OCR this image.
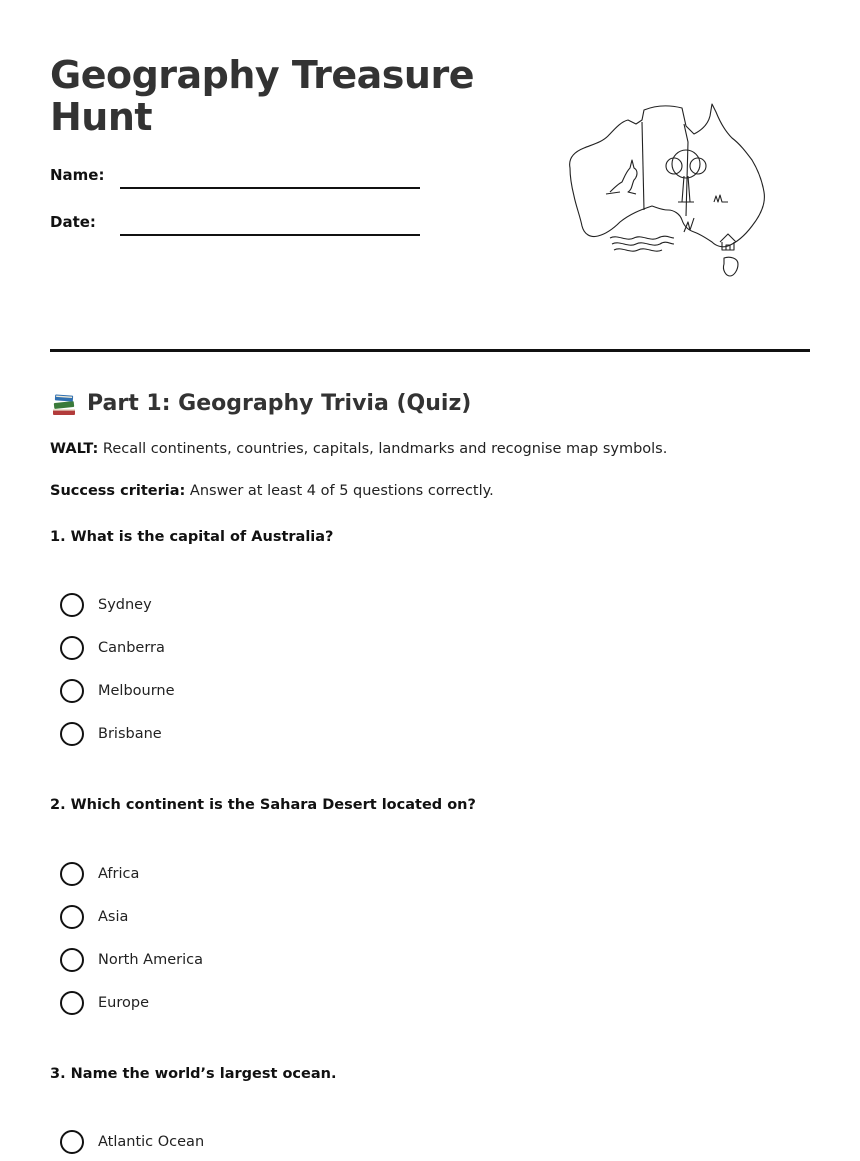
Geography Treasure
Hunt
Name:
Date:
Part 1: Geography Trivia (Quiz)

WALT: Recall continents, countries, capitals, landmarks and recognise map symbols.

Success criteria: Answer at least 4 of 5 questions correctly.

1. What is the capital of Australia?

Sydney
Canberra
Melbourne
Brisbane

2. Which continent is the Sahara Desert located on?

Africa
Asia
North America
Europe

3. Name the world’s largest ocean.

Atlantic Ocean
